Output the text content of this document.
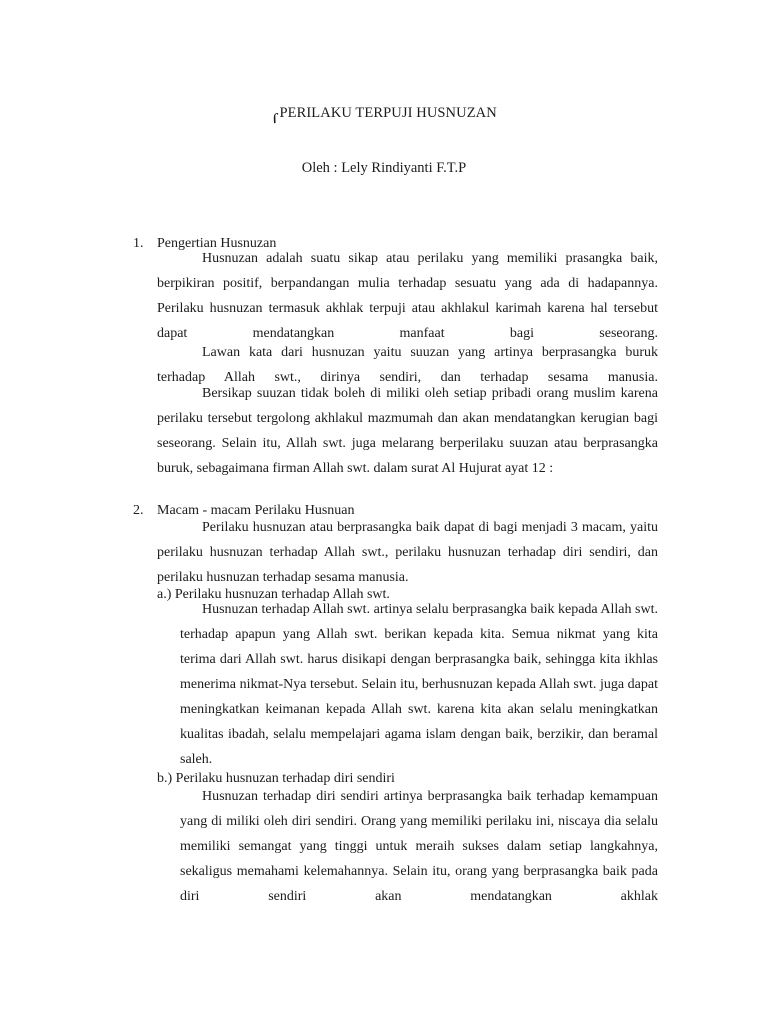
ɾPERILAKU TERPUJI HUSNUZAN
Oleh : Lely Rindiyanti F.T.P
1. Pengertian Husnuzan

Husnuzan adalah suatu sikap atau perilaku yang memiliki prasangka baik, berpikiran positif, berpandangan mulia terhadap sesuatu yang ada di hadapannya. Perilaku husnuzan termasuk akhlak terpuji atau akhlakul karimah karena hal tersebut dapat mendatangkan manfaat bagi seseorang.

Lawan kata dari husnuzan yaitu suuzan yang artinya berprasangka buruk terhadap Allah swt., dirinya sendiri, dan terhadap sesama manusia.

Bersikap suuzan tidak boleh di miliki oleh setiap pribadi orang muslim karena perilaku tersebut tergolong akhlakul mazmumah dan akan mendatangkan kerugian bagi seseorang. Selain itu, Allah swt. juga melarang berperilaku suuzan atau berprasangka buruk, sebagaimana firman Allah swt. dalam surat Al Hujurat ayat 12 :

2. Macam - macam Perilaku Husnuan

Perilaku husnuzan atau berprasangka baik dapat di bagi menjadi 3 macam, yaitu perilaku husnuzan terhadap Allah swt., perilaku husnuzan terhadap diri sendiri, dan perilaku husnuzan terhadap sesama manusia.

a.) Perilaku husnuzan terhadap Allah swt.

Husnuzan terhadap Allah swt. artinya selalu berprasangka baik kepada Allah swt. terhadap apapun yang Allah swt. berikan kepada kita. Semua nikmat yang kita terima dari Allah swt. harus disikapi dengan berprasangka baik, sehingga kita ikhlas menerima nikmat-Nya tersebut. Selain itu, berhusnuzan kepada Allah swt. juga dapat meningkatkan keimanan kepada Allah swt. karena kita akan selalu meningkatkan kualitas ibadah, selalu mempelajari agama islam dengan baik, berzikir, dan beramal saleh.

b.) Perilaku husnuzan terhadap diri sendiri

Husnuzan terhadap diri sendiri artinya berprasangka baik terhadap kemampuan yang di miliki oleh diri sendiri. Orang yang memiliki perilaku ini, niscaya dia selalu memiliki semangat yang tinggi untuk meraih sukses dalam setiap langkahnya, sekaligus memahami kelemahannya. Selain itu, orang yang berprasangka baik pada diri sendiri akan mendatangkan akhlak
